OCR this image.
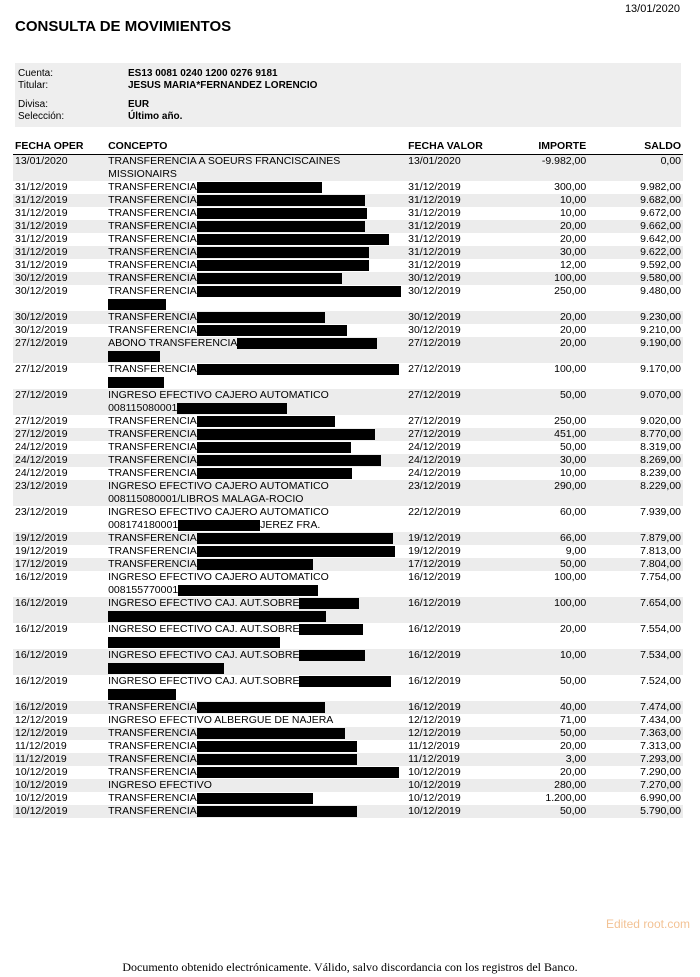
13/01/2020
CONSULTA DE MOVIMIENTOS
Cuenta:	ES13 0081 0240 1200 0276 9181
Titular:	JESUS MARIA*FERNANDEZ LORENCIO
Divisa:	EUR
Selección:	Último año.
FECHA OPER	CONCEPTO	FECHA VALOR	IMPORTE	SALDO
13/01/2020	TRANSFERENCIA A SOEURS FRANCISCAINES
MISSIONAIRS	13/01/2020	-9.982,00	0,00
31/12/2019	TRANSFERENCIA	31/12/2019	300,00	9.982,00
31/12/2019	TRANSFERENCIA	31/12/2019	10,00	9.682,00
31/12/2019	TRANSFERENCIA	31/12/2019	10,00	9.672,00
31/12/2019	TRANSFERENCIA	31/12/2019	20,00	9.662,00
31/12/2019	TRANSFERENCIA	31/12/2019	20,00	9.642,00
31/12/2019	TRANSFERENCIA	31/12/2019	30,00	9.622,00
31/12/2019	TRANSFERENCIA	31/12/2019	12,00	9.592,00
30/12/2019	TRANSFERENCIA	30/12/2019	100,00	9.580,00
30/12/2019	TRANSFERENCIA	30/12/2019	250,00	9.480,00
30/12/2019	TRANSFERENCIA	30/12/2019	20,00	9.230,00
30/12/2019	TRANSFERENCIA	30/12/2019	20,00	9.210,00
27/12/2019	ABONO TRANSFERENCIA	27/12/2019	20,00	9.190,00
27/12/2019	TRANSFERENCIA	27/12/2019	100,00	9.170,00
27/12/2019	INGRESO EFECTIVO CAJERO AUTOMATICO
008115080001	27/12/2019	50,00	9.070,00
27/12/2019	TRANSFERENCIA	27/12/2019	250,00	9.020,00
27/12/2019	TRANSFERENCIA	27/12/2019	451,00	8.770,00
24/12/2019	TRANSFERENCIA	24/12/2019	50,00	8.319,00
24/12/2019	TRANSFERENCIA	24/12/2019	30,00	8.269,00
24/12/2019	TRANSFERENCIA	24/12/2019	10,00	8.239,00
23/12/2019	INGRESO EFECTIVO CAJERO AUTOMATICO
008115080001/LIBROS MALAGA-ROCIO	23/12/2019	290,00	8.229,00
23/12/2019	INGRESO EFECTIVO CAJERO AUTOMATICO
008174180001 JEREZ FRA.	22/12/2019	60,00	7.939,00
19/12/2019	TRANSFERENCIA	19/12/2019	66,00	7.879,00
19/12/2019	TRANSFERENCIA	19/12/2019	9,00	7.813,00
17/12/2019	TRANSFERENCIA	17/12/2019	50,00	7.804,00
16/12/2019	INGRESO EFECTIVO CAJERO AUTOMATICO
008155770001	16/12/2019	100,00	7.754,00
16/12/2019	INGRESO EFECTIVO CAJ. AUT.SOBRE	16/12/2019	100,00	7.654,00
16/12/2019	INGRESO EFECTIVO CAJ. AUT.SOBRE	16/12/2019	20,00	7.554,00
16/12/2019	INGRESO EFECTIVO CAJ. AUT.SOBRE	16/12/2019	10,00	7.534,00
16/12/2019	INGRESO EFECTIVO CAJ. AUT.SOBRE	16/12/2019	50,00	7.524,00
16/12/2019	TRANSFERENCIA	16/12/2019	40,00	7.474,00
12/12/2019	INGRESO EFECTIVO ALBERGUE DE NAJERA	12/12/2019	71,00	7.434,00
12/12/2019	TRANSFERENCIA	12/12/2019	50,00	7.363,00
11/12/2019	TRANSFERENCIA	11/12/2019	20,00	7.313,00
11/12/2019	TRANSFERENCIA	11/12/2019	3,00	7.293,00
10/12/2019	TRANSFERENCIA	10/12/2019	20,00	7.290,00
10/12/2019	INGRESO EFECTIVO	10/12/2019	280,00	7.270,00
10/12/2019	TRANSFERENCIA	10/12/2019	1.200,00	6.990,00
10/12/2019	TRANSFERENCIA	10/12/2019	50,00	5.790,00
Edited root.com
Documento obtenido electrónicamente. Válido, salvo discordancia con los registros del Banco.
